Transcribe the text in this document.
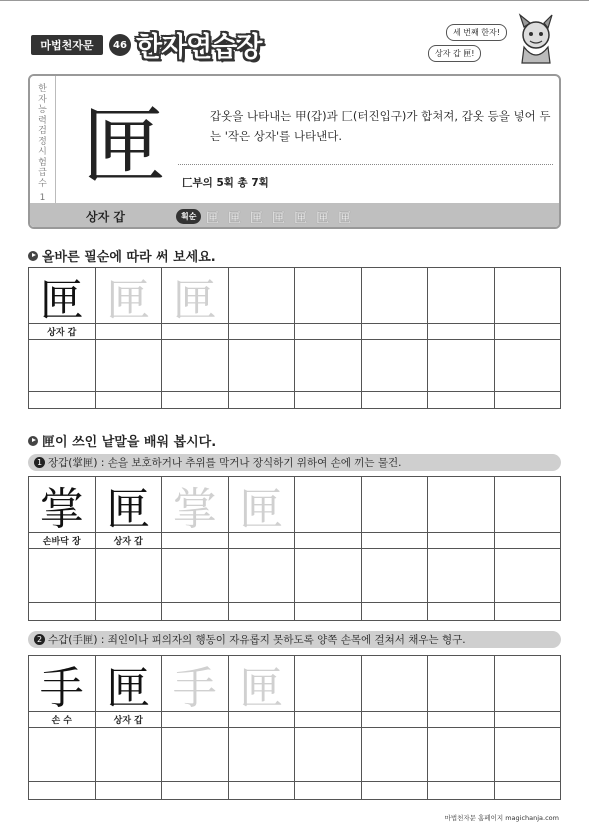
마법천자문	46 한자연습장	세 번째 한자!
상자 갑 匣!
한
자
능
력
검
정
시
험
급
수
1
匣	갑옷을 나타내는 甲(갑)과 匚(터진입구)가 합쳐져, 갑옷 등을 넣어 두는 '작은 상자'를 나타낸다.
匚부의 5획 총 7획
상자 갑	획순 匣 匣 匣 匣 匣 匣 匣
올바른 필순에 따라 써 보세요.
匣 匣 匣
상자 갑
匣이 쓰인 낱말을 배워 봅시다.
1 장갑(掌匣) : 손을 보호하거나 추위를 막거나 장식하기 위하여 손에 끼는 물건.
掌 匣 掌 匣
손바닥 장	상자 갑
2 수갑(手匣) : 죄인이나 피의자의 행동이 자유롭지 못하도록 양쪽 손목에 걸쳐서 채우는 형구.
手 匣 手 匣
손 수	상자 갑
마법천자문 홈페이지 magichanja.com
